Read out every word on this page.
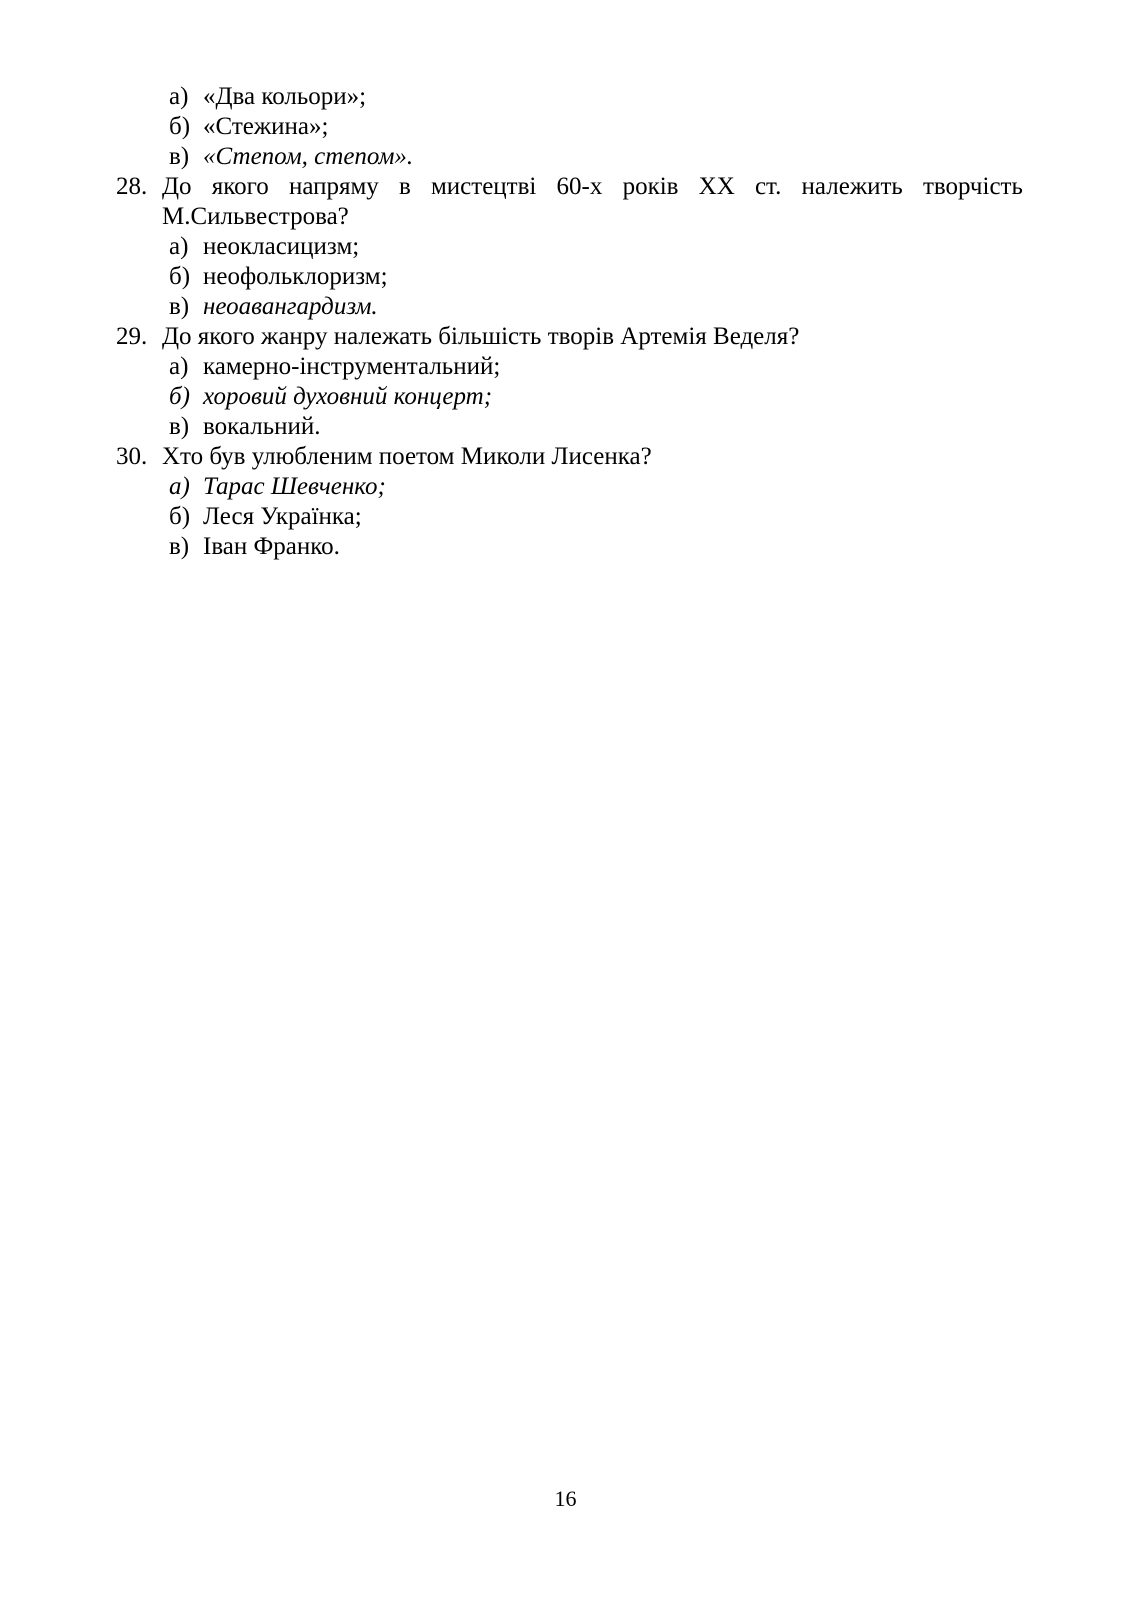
а) «Два кольори»;
б) «Стежина»;
в) «Степом, степом».
28. До якого напряму в мистецтві 60-х років XX ст. належить творчість
М.Сильвестрова?
а) неокласицизм;
б) неофольклоризм;
в) неоавангардизм.
29. До якого жанру належать більшість творів Артемія Веделя?
а) камерно-інструментальний;
б) хоровий духовний концерт;
в) вокальний.
30. Хто був улюбленим поетом Миколи Лисенка?
а) Тарас Шевченко;
б) Леся Українка;
в) Іван Франко.
16
